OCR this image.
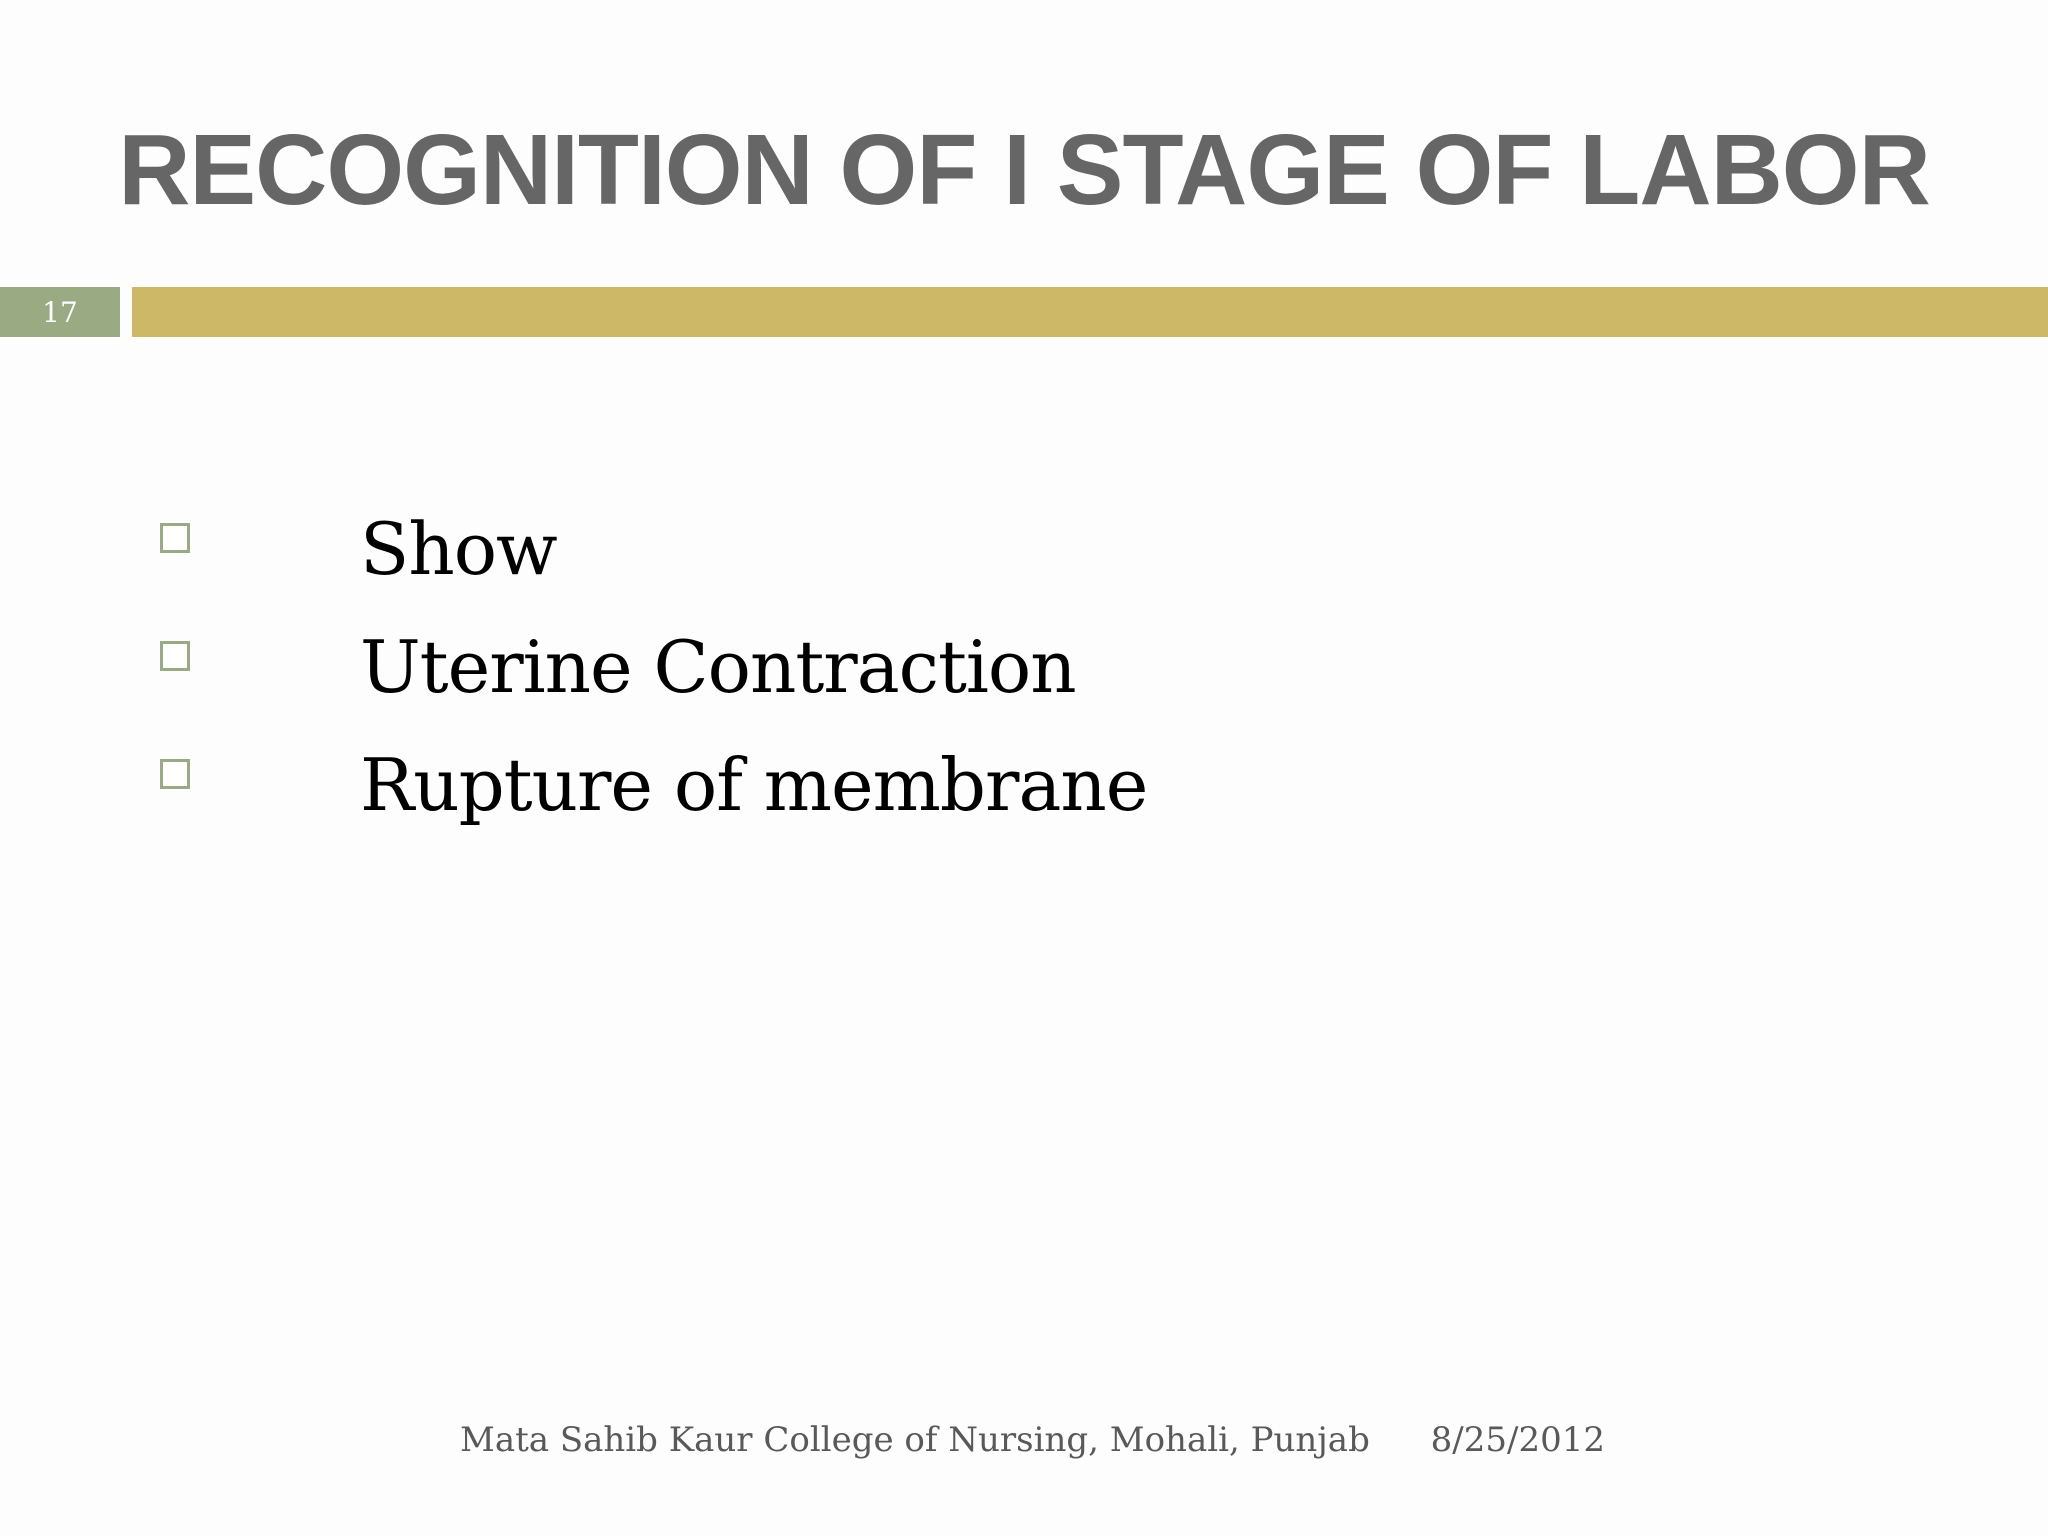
RECOGNITION OF I STAGE OF LABOR
17
Show
Uterine Contraction
Rupture of membrane
Mata Sahib Kaur College of Nursing, Mohali, Punjab 8/25/2012
